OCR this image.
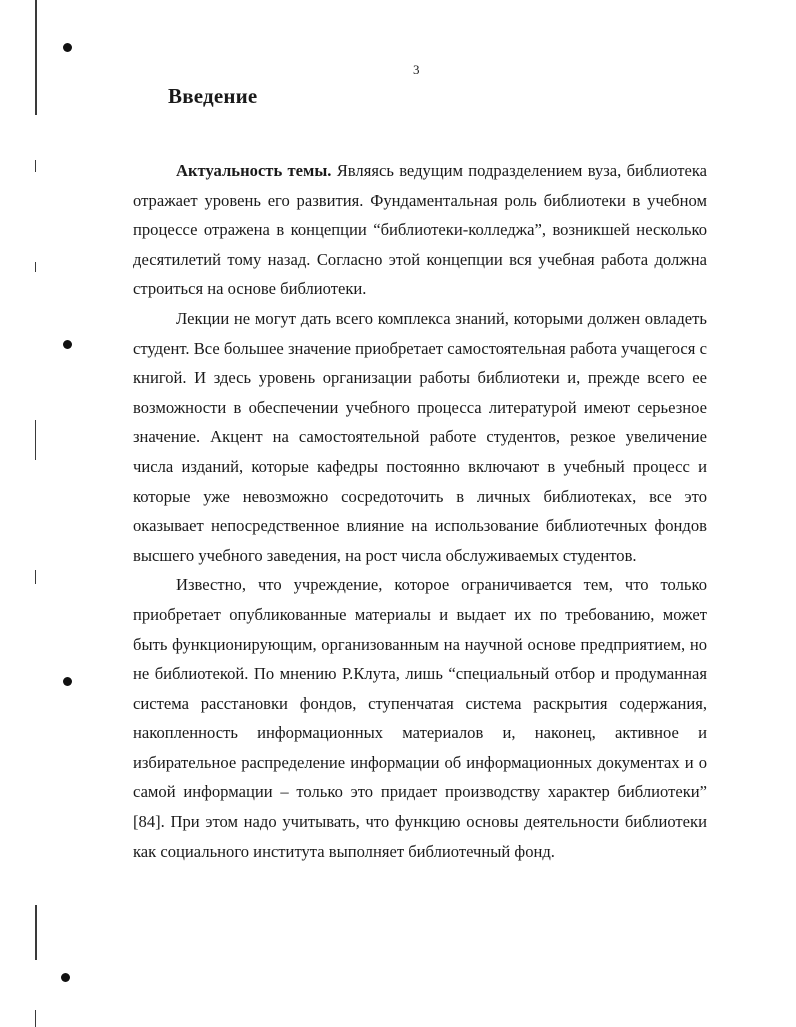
3
Введение

Актуальность темы. Являясь ведущим подразделением вуза, библиотека отражает уровень его развития. Фундаментальная роль библиотеки в учебном процессе отражена в концепции “библиотеки-колледжа”, возникшей несколько десятилетий тому назад. Согласно этой концепции вся учебная работа должна строиться на основе библиотеки.

Лекции не могут дать всего комплекса знаний, которыми должен овладеть студент. Все большее значение приобретает самостоятельная работа учащегося с книгой. И здесь уровень организации работы библиотеки и, прежде всего ее возможности в обеспечении учебного процесса литературой имеют серьезное значение. Акцент на самостоятельной работе студентов, резкое увеличение числа изданий, которые кафедры постоянно включают в учебный процесс и которые уже невозможно сосредоточить в личных библиотеках, все это оказывает непосредственное влияние на использование библиотечных фондов высшего учебного заведения, на рост числа обслуживаемых студентов.

Известно, что учреждение, которое ограничивается тем, что только приобретает опубликованные материалы и выдает их по требованию, может быть функционирующим, организованным на научной основе предприятием, но не библиотекой. По мнению Р.Клута, лишь “специальный отбор и продуманная система расстановки фондов, ступенчатая система раскрытия содержания, накопленность информационных материалов и, наконец, активное и избирательное распределение информации об информационных документах и о самой информации – только это придает производству характер библиотеки” [84]. При этом надо учитывать, что функцию основы деятельности библиотеки как социального института выполняет библиотечный фонд.
